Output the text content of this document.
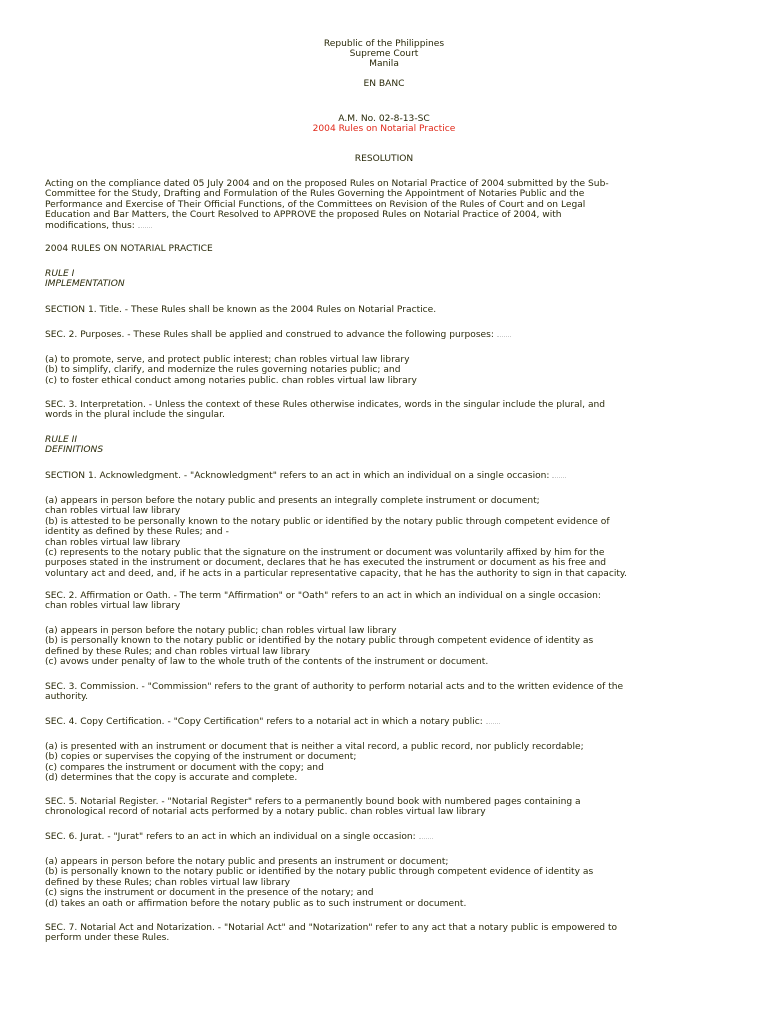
Republic of the Philippines
Supreme Court
Manila
EN BANC
A.M. No. 02-8-13-SC
2004 Rules on Notarial Practice
RESOLUTION
Acting on the compliance dated 05 July 2004 and on the proposed Rules on Notarial Practice of 2004 submitted by the Sub-
Committee for the Study, Drafting and Formulation of the Rules Governing the Appointment of Notaries Public and the
Performance and Exercise of Their Official Functions, of the Committees on Revision of the Rules of Court and on Legal
Education and Bar Matters, the Court Resolved to APPROVE the proposed Rules on Notarial Practice of 2004, with
modifications, thus:
2004 RULES ON NOTARIAL PRACTICE
RULE I
IMPLEMENTATION
SECTION 1. Title. - These Rules shall be known as the 2004 Rules on Notarial Practice.
SEC. 2. Purposes. - These Rules shall be applied and construed to advance the following purposes:
(a) to promote, serve, and protect public interest; chan robles virtual law library
(b) to simplify, clarify, and modernize the rules governing notaries public; and
(c) to foster ethical conduct among notaries public. chan robles virtual law library
SEC. 3. Interpretation. - Unless the context of these Rules otherwise indicates, words in the singular include the plural, and
words in the plural include the singular.
RULE II
DEFINITIONS
SECTION 1. Acknowledgment. - "Acknowledgment" refers to an act in which an individual on a single occasion:
(a) appears in person before the notary public and presents an integrally complete instrument or document;
chan robles virtual law library
(b) is attested to be personally known to the notary public or identified by the notary public through competent evidence of
identity as defined by these Rules; and -
chan robles virtual law library
(c) represents to the notary public that the signature on the instrument or document was voluntarily affixed by him for the
purposes stated in the instrument or document, declares that he has executed the instrument or document as his free and
voluntary act and deed, and, if he acts in a particular representative capacity, that he has the authority to sign in that capacity.
SEC. 2. Affirmation or Oath. - The term "Affirmation" or "Oath" refers to an act in which an individual on a single occasion:
chan robles virtual law library
(a) appears in person before the notary public; chan robles virtual law library
(b) is personally known to the notary public or identified by the notary public through competent evidence of identity as
defined by these Rules; and chan robles virtual law library
(c) avows under penalty of law to the whole truth of the contents of the instrument or document.
SEC. 3. Commission. - "Commission" refers to the grant of authority to perform notarial acts and to the written evidence of the
authority.
SEC. 4. Copy Certification. - "Copy Certification" refers to a notarial act in which a notary public:
(a) is presented with an instrument or document that is neither a vital record, a public record, nor publicly recordable;
(b) copies or supervises the copying of the instrument or document;
(c) compares the instrument or document with the copy; and
(d) determines that the copy is accurate and complete.
SEC. 5. Notarial Register. - "Notarial Register" refers to a permanently bound book with numbered pages containing a
chronological record of notarial acts performed by a notary public. chan robles virtual law library
SEC. 6. Jurat. - "Jurat" refers to an act in which an individual on a single occasion:
(a) appears in person before the notary public and presents an instrument or document;
(b) is personally known to the notary public or identified by the notary public through competent evidence of identity as
defined by these Rules; chan robles virtual law library
(c) signs the instrument or document in the presence of the notary; and
(d) takes an oath or affirmation before the notary public as to such instrument or document.
SEC. 7. Notarial Act and Notarization. - "Notarial Act" and "Notarization" refer to any act that a notary public is empowered to
perform under these Rules.
